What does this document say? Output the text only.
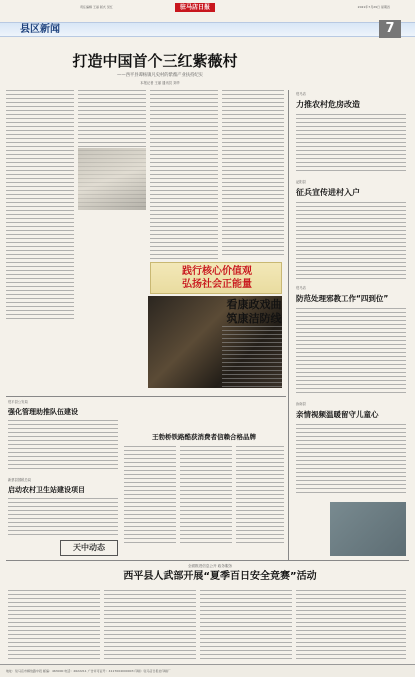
责任编辑 王丽 版式 吴红	驻马店日报	2021年7月29日 星期四
县区新闻	7
打造中国首个三红紫薇村
——西平县谭杨镇凡史村的紫薇产业扶持纪实
本报记者 王丽 通讯员 刘华
践行核心价值观
弘扬社会正能量
驻马店
力推农村危房改造
泌阳县
征兵宣传进村入户
驻马店
防范处理邪教工作“四到位”
汝南县
亲情视频温暖留守儿童心
看康政戏曲
筑康洁防线
驻平县公安局
强化管理助推队伍建设
新蔡县国税总局
启动农村卫生站建设项目
天中动态
王勃桥铁路酷获消费者信赖合格品牌
全面推进信息公开 政务服务
西平县人武部开展“夏季百日安全竞赛”活动
地址：驻马店市解放路中段 邮编：463000 电话：2622211 广告许可证号：4117004000003 印刷：驻马店日报社印刷厂
